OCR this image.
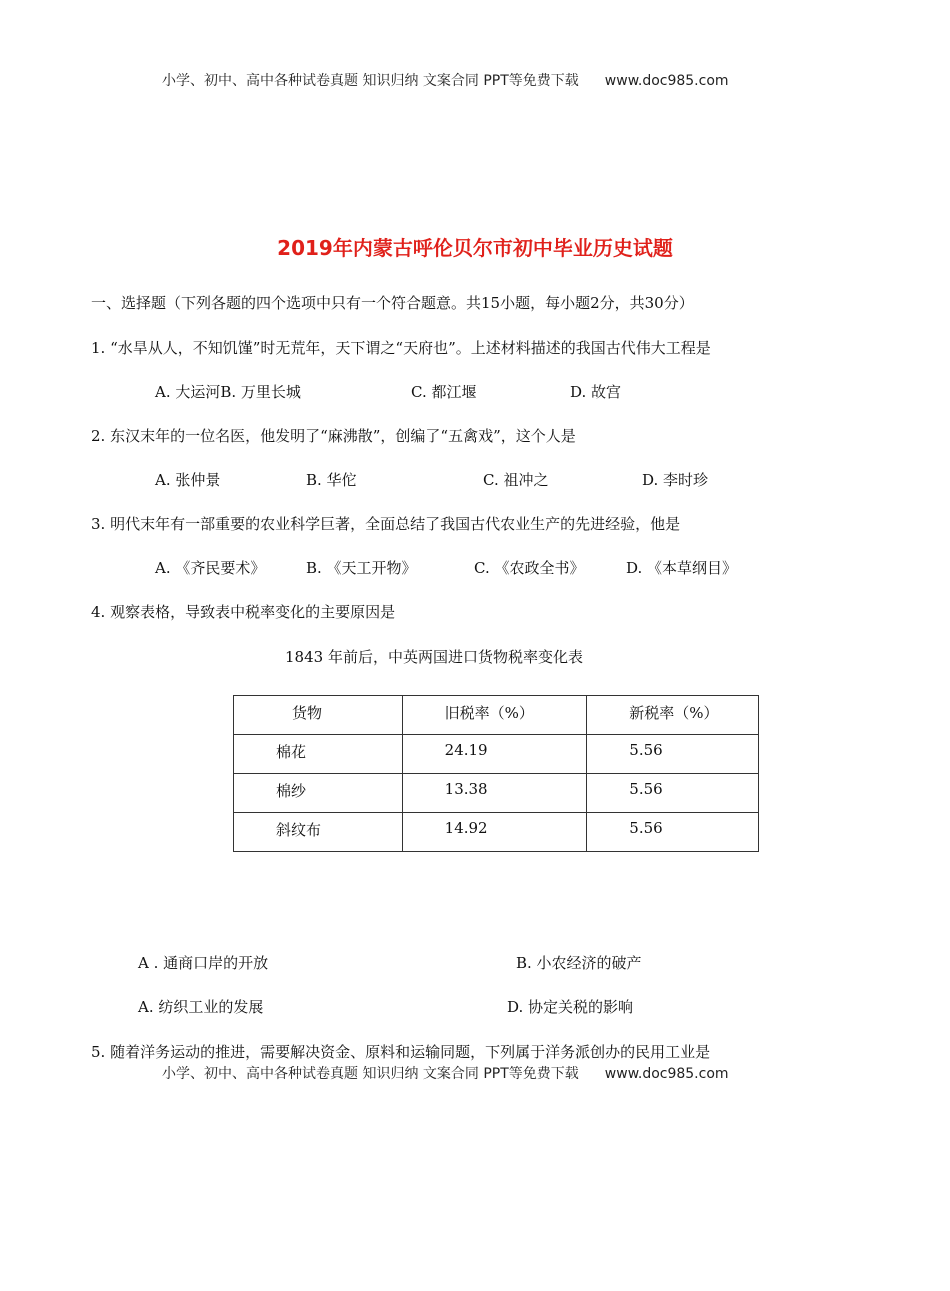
小学、初中、高中各种试卷真题 知识归纳 文案合同 PPT等免费下载 www.doc985.com
2019年内蒙古呼伦贝尔市初中毕业历史试题
一、选择题（下列各题的四个选项中只有一个符合题意。共15小题，每小题2分，共30分）
1. “水旱从人，不知饥馑”时无荒年，天下谓之“天府也”。上述材料描述的我国古代伟大工程是
A. 大运河B. 万里长城	C. 都江堰	D. 故宫
2. 东汉末年的一位名医，他发明了“麻沸散”，创编了“五禽戏”，这个人是
A. 张仲景	B. 华佗	C. 祖冲之	D. 李时珍
3. 明代末年有一部重要的农业科学巨著，全面总结了我国古代农业生产的先进经验，他是
A. 《齐民要术》	B. 《天工开物》	C. 《农政全书》	D. 《本草纲目》
4. 观察表格，导致表中税率变化的主要原因是
1843 年前后，中英两国进口货物税率变化表
货物	旧税率（%）	新税率（%）

棉花	24.19	5.56

棉纱	13.38	5.56

斜纹布	14.92	5.56
A . 通商口岸的开放	B. 小农经济的破产
A. 纺织工业的发展	D. 协定关税的影响
5. 随着洋务运动的推进，需要解决资金、原料和运输同题，下列属于洋务派创办的民用工业是
小学、初中、高中各种试卷真题 知识归纳 文案合同 PPT等免费下载 www.doc985.com
